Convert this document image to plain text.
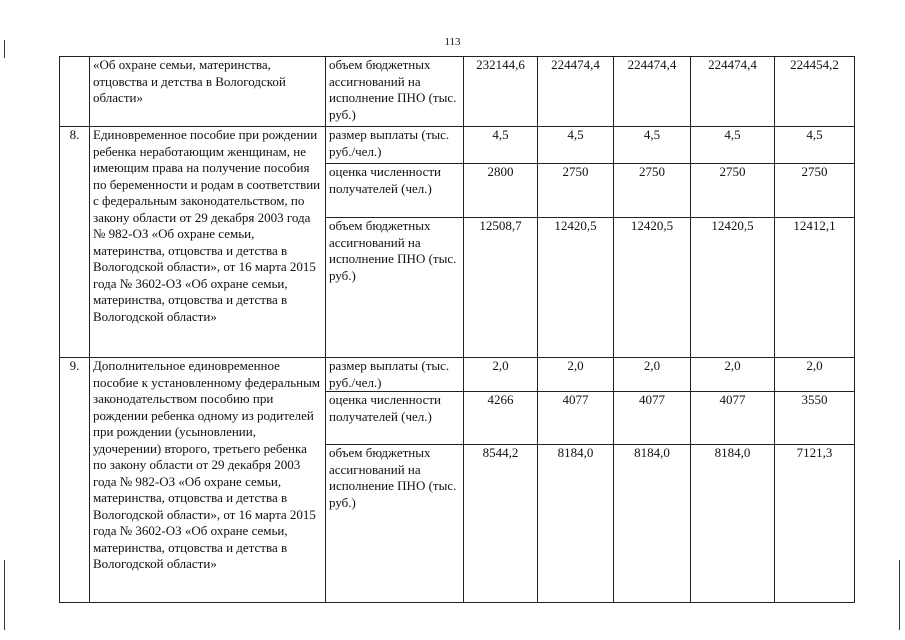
113
	«Об охране семьи, материнства, отцовства и детства в Вологодской области»	объем бюджетных ассигнований на исполнение ПНО (тыс. руб.)	232144,6	224474,4	224474,4	224474,4	224454,2
8.	Единовременное пособие при рождении ребенка неработающим женщинам, не имеющим права на получение пособия по беременности и родам в соответствии с федеральным законодательством, по закону области от 29 декабря 2003 года № 982-ОЗ «Об охране семьи, материнства, отцовства и детства в Вологодской области», от 16 марта 2015 года № 3602-ОЗ «Об охране семьи, материнства, отцовства и детства в Вологодской области»	размер выплаты (тыс. руб./чел.)	4,5	4,5	4,5	4,5	4,5
		оценка численности получателей (чел.)	2800	2750	2750	2750	2750
		объем бюджетных ассигнований на исполнение ПНО (тыс. руб.)	12508,7	12420,5	12420,5	12420,5	12412,1
9.	Дополнительное единовременное пособие к установленному федеральным законодательством пособию при рождении ребенка одному из родителей при рождении (усыновлении, удочерении) второго, третьего ребенка по закону области от 29 декабря 2003 года № 982-ОЗ «Об охране семьи, материнства, отцовства и детства в Вологодской области», от 16 марта 2015 года № 3602-ОЗ «Об охране семьи, материнства, отцовства и детства в Вологодской области»	размер выплаты (тыс. руб./чел.)	2,0	2,0	2,0	2,0	2,0
		оценка численности получателей (чел.)	4266	4077	4077	4077	3550
		объем бюджетных ассигнований на исполнение ПНО (тыс. руб.)	8544,2	8184,0	8184,0	8184,0	7121,3
